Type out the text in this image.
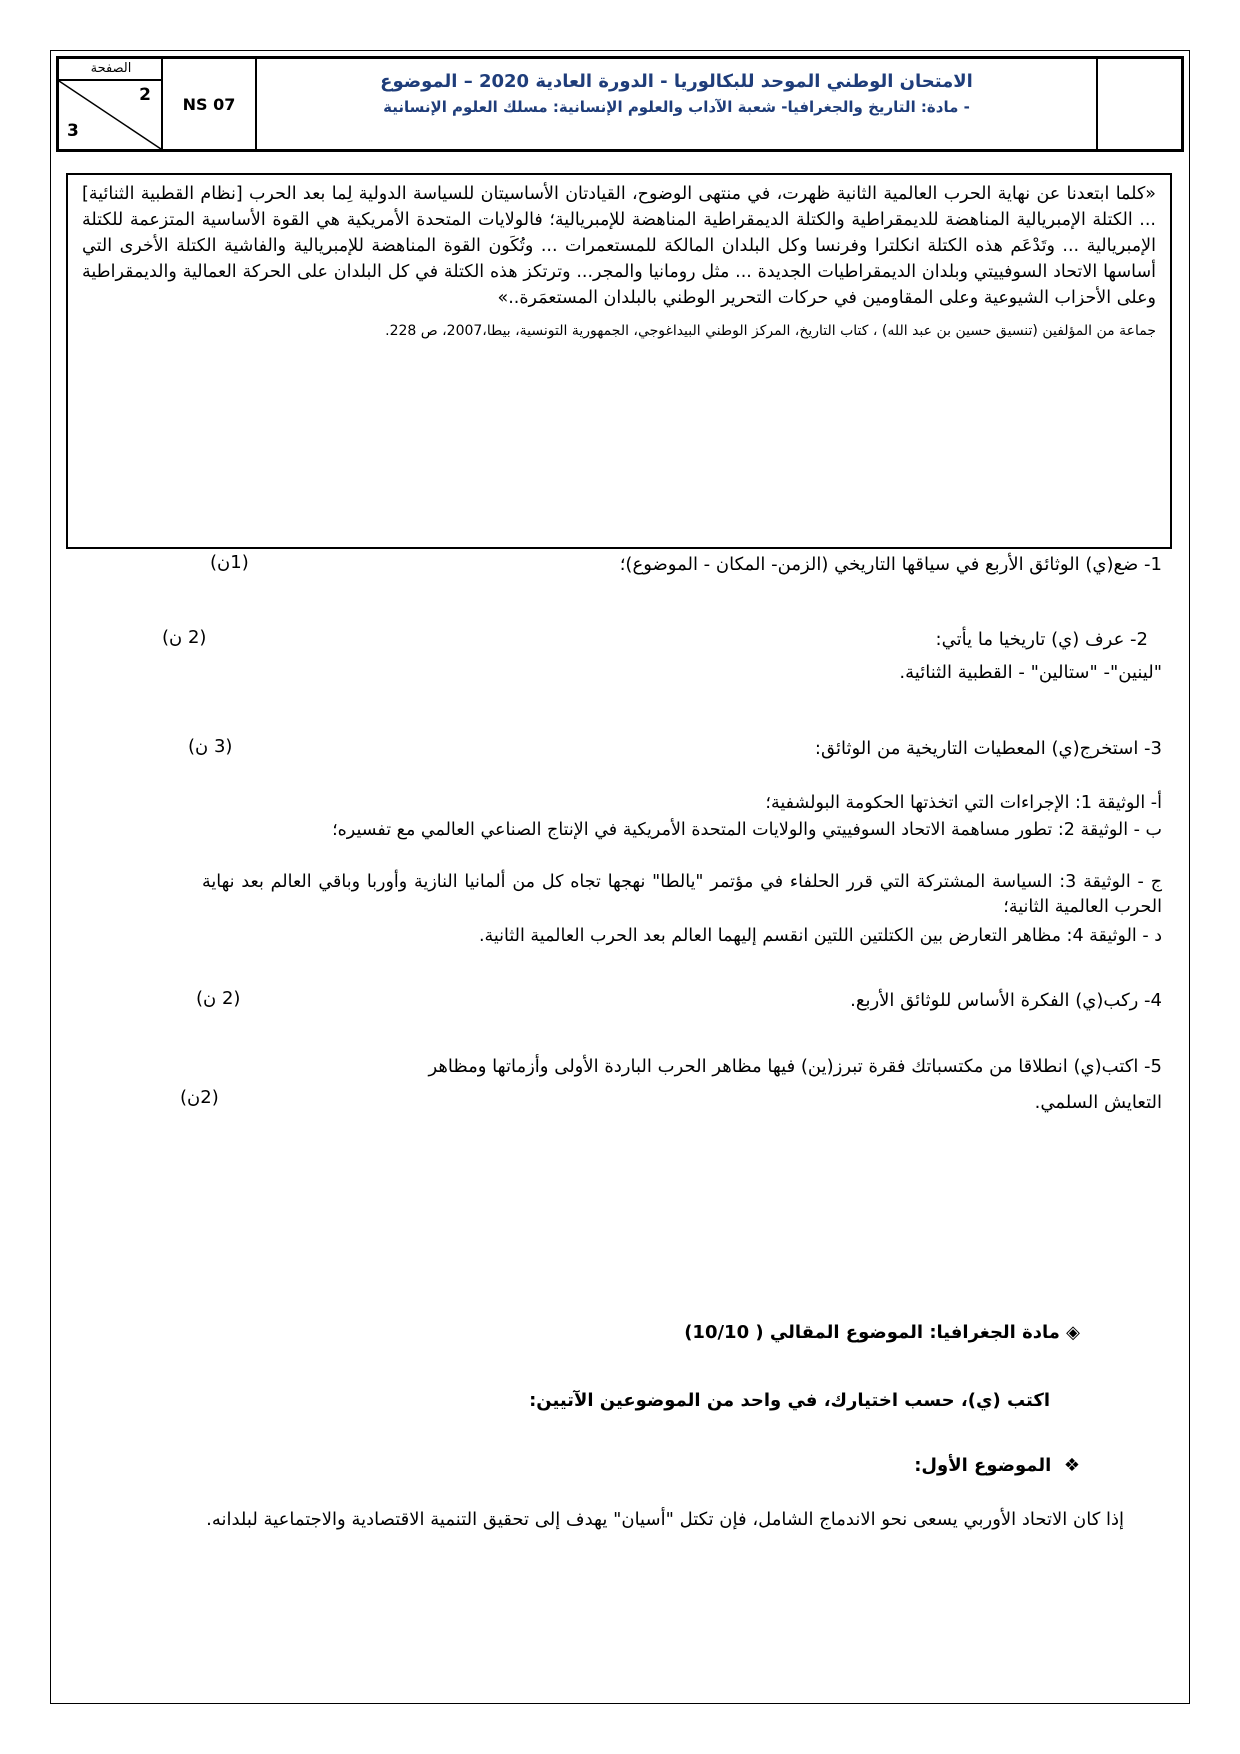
الصفحة
2
3
NS 07
الامتحان الوطني الموحد للبكالوريا - الدورة العادية 2020 – الموضوع
- مادة: التاريخ والجغرافيا- شعبة الآداب والعلوم الإنسانية: مسلك العلوم الإنسانية
«كلما ابتعدنا عن نهاية الحرب العالمية الثانية ظهرت، في منتهى الوضوح، القيادتان الأساسيتان للسياسة الدولية لِما بعد الحرب [نظام القطبية الثنائية] ... الكتلة الإمبريالية المناهضة للديمقراطية والكتلة الديمقراطية المناهضة للإمبريالية؛ فالولايات المتحدة الأمريكية هي القوة الأساسية المتزعمة للكتلة الإمبريالية ... وتَدْعَم هذه الكتلة انكلترا وفرنسا وكل البلدان المالكة للمستعمرات ... وتُكَون القوة المناهضة للإمبريالية والفاشية الكتلة الأخرى التي أساسها الاتحاد السوفييتي وبلدان الديمقراطيات الجديدة ... مثل رومانيا والمجر... وترتكز هذه الكتلة في كل البلدان على الحركة العمالية والديمقراطية وعلى الأحزاب الشيوعية وعلى المقاومين في حركات التحرير الوطني بالبلدان المستعمَرة..»
جماعة من المؤلفين (تنسيق حسين بن عبد الله) ، كتاب التاريخ، المركز الوطني البيداغوجي، الجمهورية التونسية، بيطا،2007، ص 228.
1- ضع(ي) الوثائق الأربع في سياقها التاريخي (الزمن- المكان - الموضوع)؛
(1ن)
2- عرف (ي) تاريخيا ما يأتي:
(2 ن)
"لينين"- "ستالين" - القطبية الثنائية.
3- استخرج(ي) المعطيات التاريخية من الوثائق:
(3 ن)
أ- الوثيقة 1: الإجراءات التي اتخذتها الحكومة البولشفية؛
ب - الوثيقة 2: تطور مساهمة الاتحاد السوفييتي والولايات المتحدة الأمريكية في الإنتاج الصناعي العالمي مع تفسيره؛
ج - الوثيقة 3: السياسة المشتركة التي قرر الحلفاء في مؤتمر "يالطا" نهجها تجاه كل من ألمانيا النازية وأوربا وباقي العالم بعد نهاية الحرب العالمية الثانية؛
د - الوثيقة 4: مظاهر التعارض بين الكتلتين اللتين انقسم إليهما العالم بعد الحرب العالمية الثانية.
4- ركب(ي) الفكرة الأساس للوثائق الأربع.
(2 ن)
5- اكتب(ي) انطلاقا من مكتسباتك فقرة تبرز(ين) فيها مظاهر الحرب الباردة الأولى وأزماتها ومظاهر التعايش السلمي.
(2ن)
◈ مادة الجغرافيا: الموضوع المقالي ( 10/10)
اكتب (ي)، حسب اختيارك، في واحد من الموضوعين الآتيين:
❖  الموضوع الأول:
إذا كان الاتحاد الأوربي يسعى نحو الاندماج الشامل، فإن تكتل "أسيان" يهدف إلى تحقيق التنمية الاقتصادية والاجتماعية لبلدانه.
